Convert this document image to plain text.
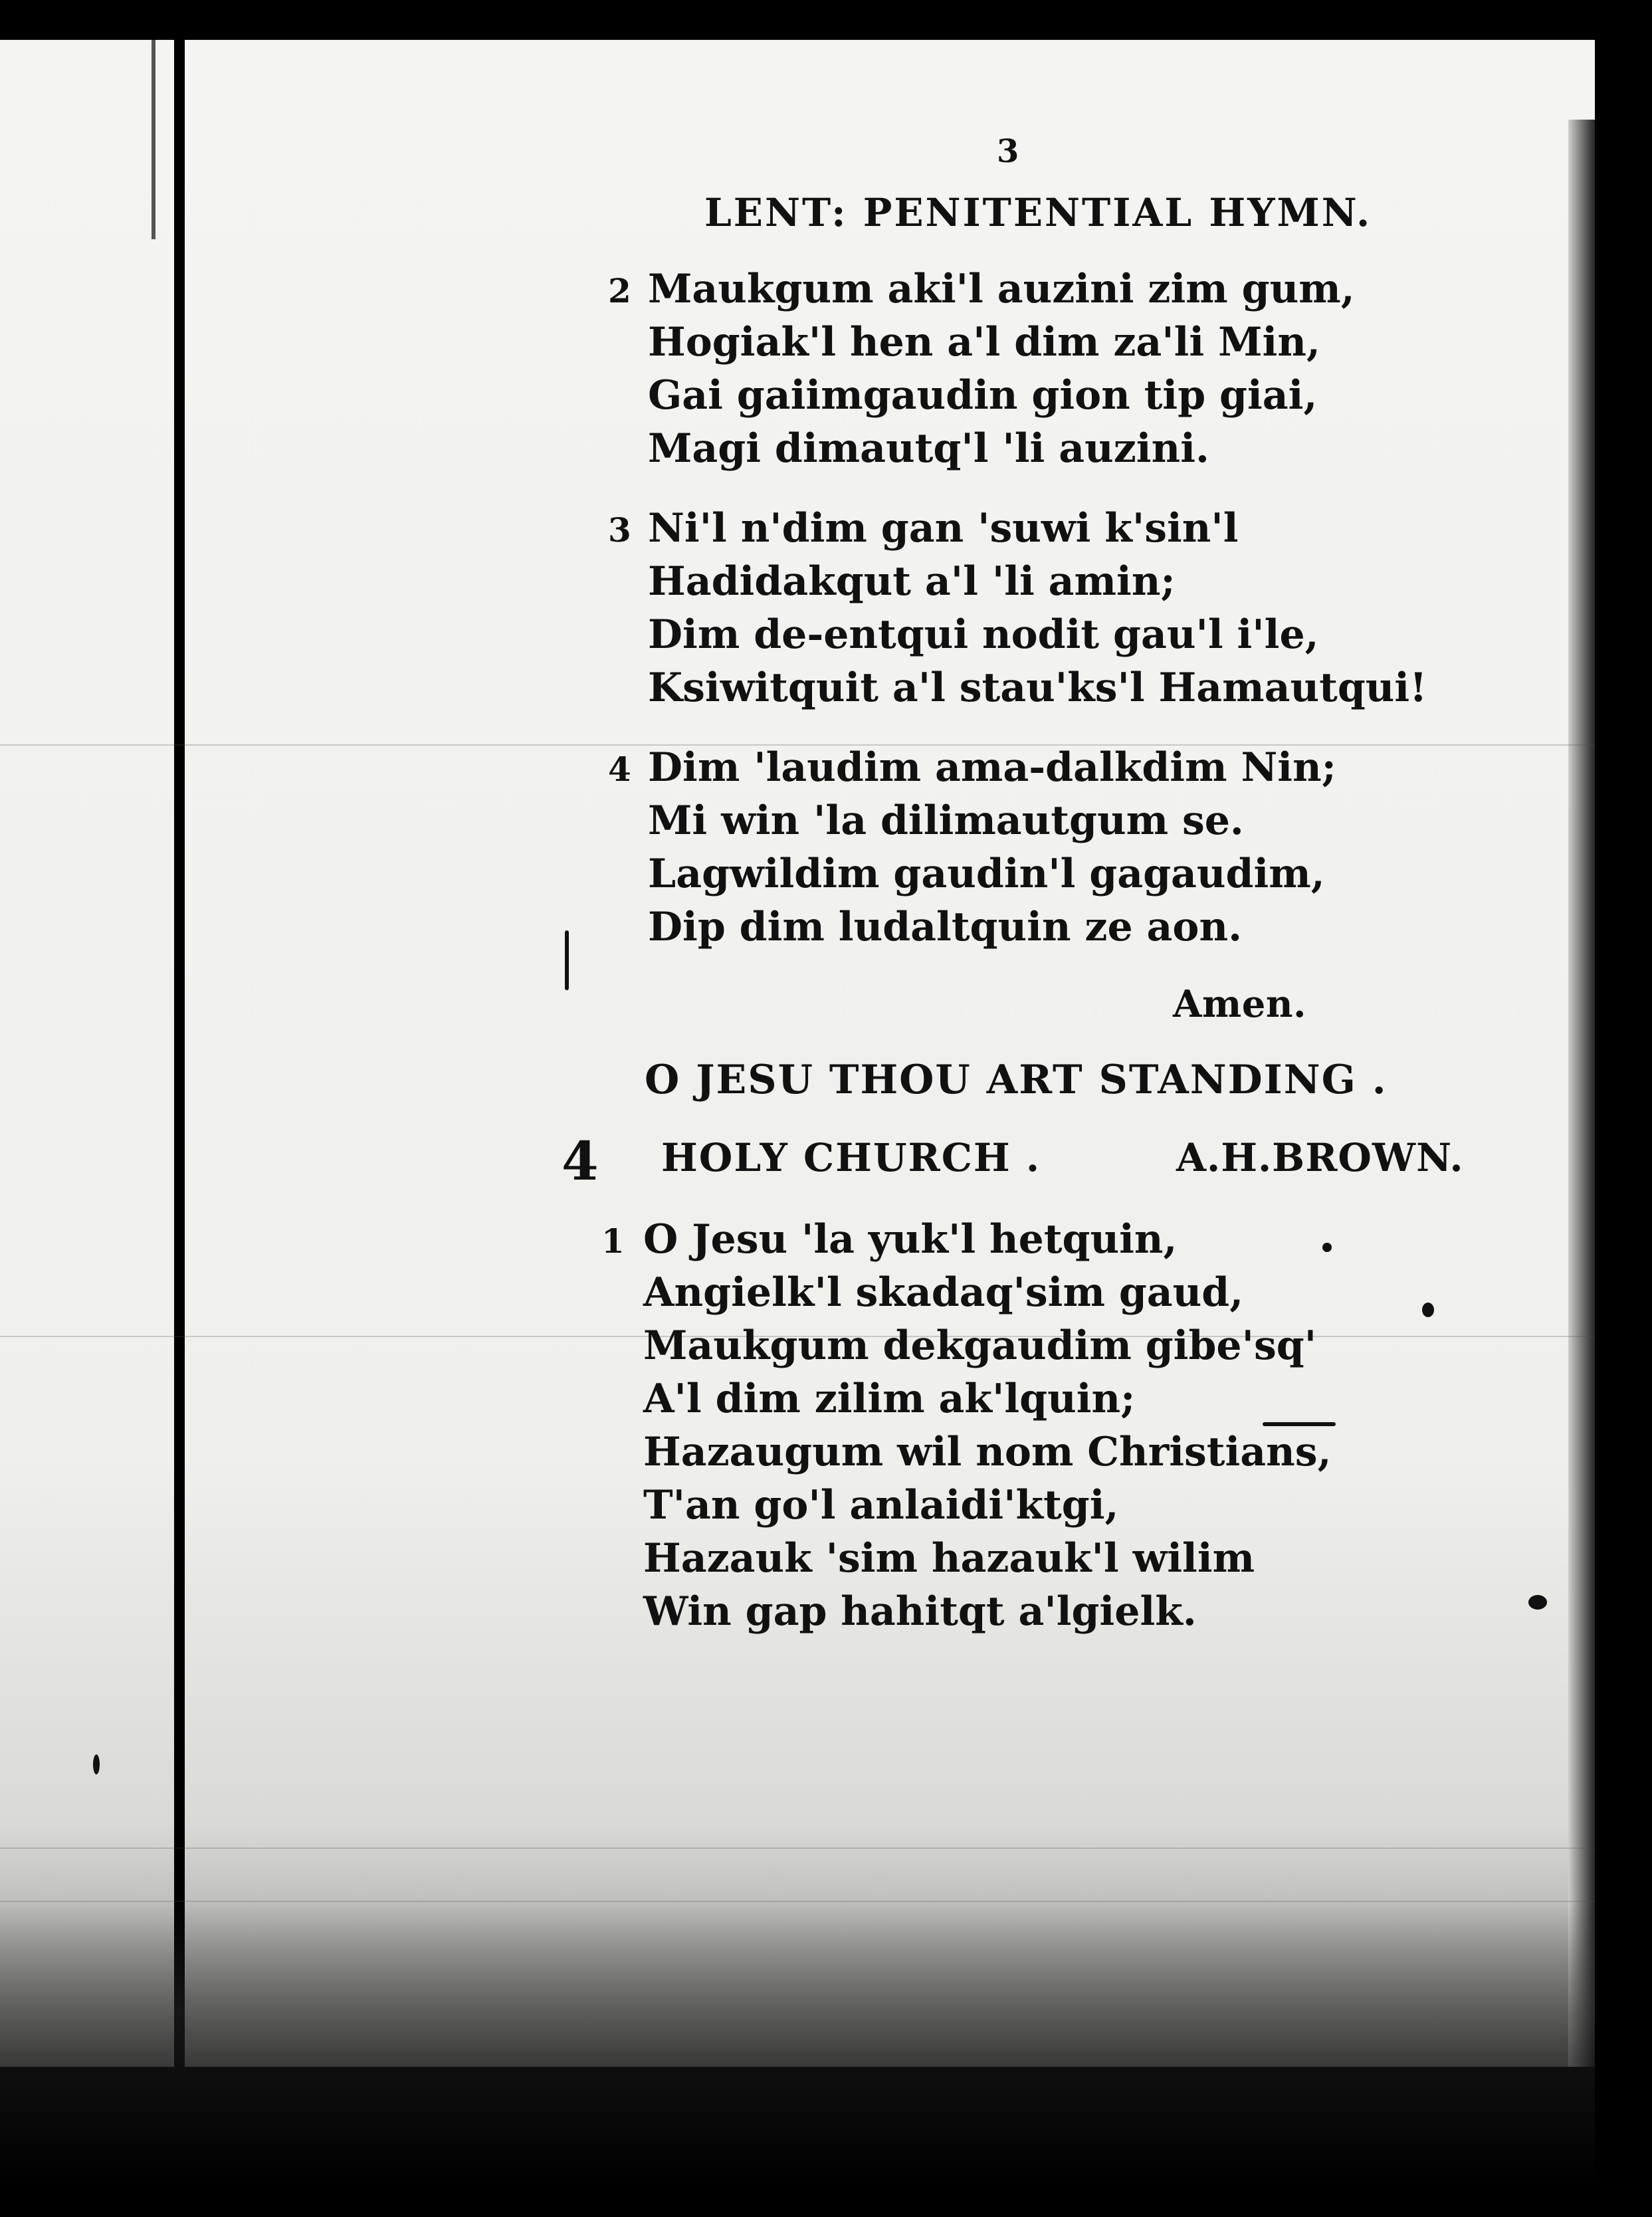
3
LENT: PENITENTIAL HYMN.
2 Maukgum aki'l auzini zim gum,
Hogiak'l hen a'l dim za'li Min,
Gai gaiimgaudin gion tip giai,
Magi dimautq'l 'li auzini.
3 Ni'l n'dim gan 'suwi k'sin'l
Hadidakqut a'l 'li amin;
Dim de-entqui nodit gau'l i'le,
Ksiwitquit a'l stau'ks'l Hamautqui!
4 Dim 'laudim ama-dalkdim Nin;
Mi win 'la dilimautgum se.
Lagwildim gaudin'l gagaudim,
Dip dim ludaltquin ze aon.
Amen.
O JESU THOU ART STANDING .
4 HOLY CHURCH .	A.H.BROWN.
1 O Jesu 'la yuk'l hetquin,
Angielk'l skadaq'sim gaud,
Maukgum dekgaudim gibe'sq'
A'l dim zilim ak'lquin;
Hazaugum wil nom Christians,
T'an go'l anlaidi'ktgi,
Hazauk 'sim hazauk'l wilim
Win gap hahitqt a'lgielk.
